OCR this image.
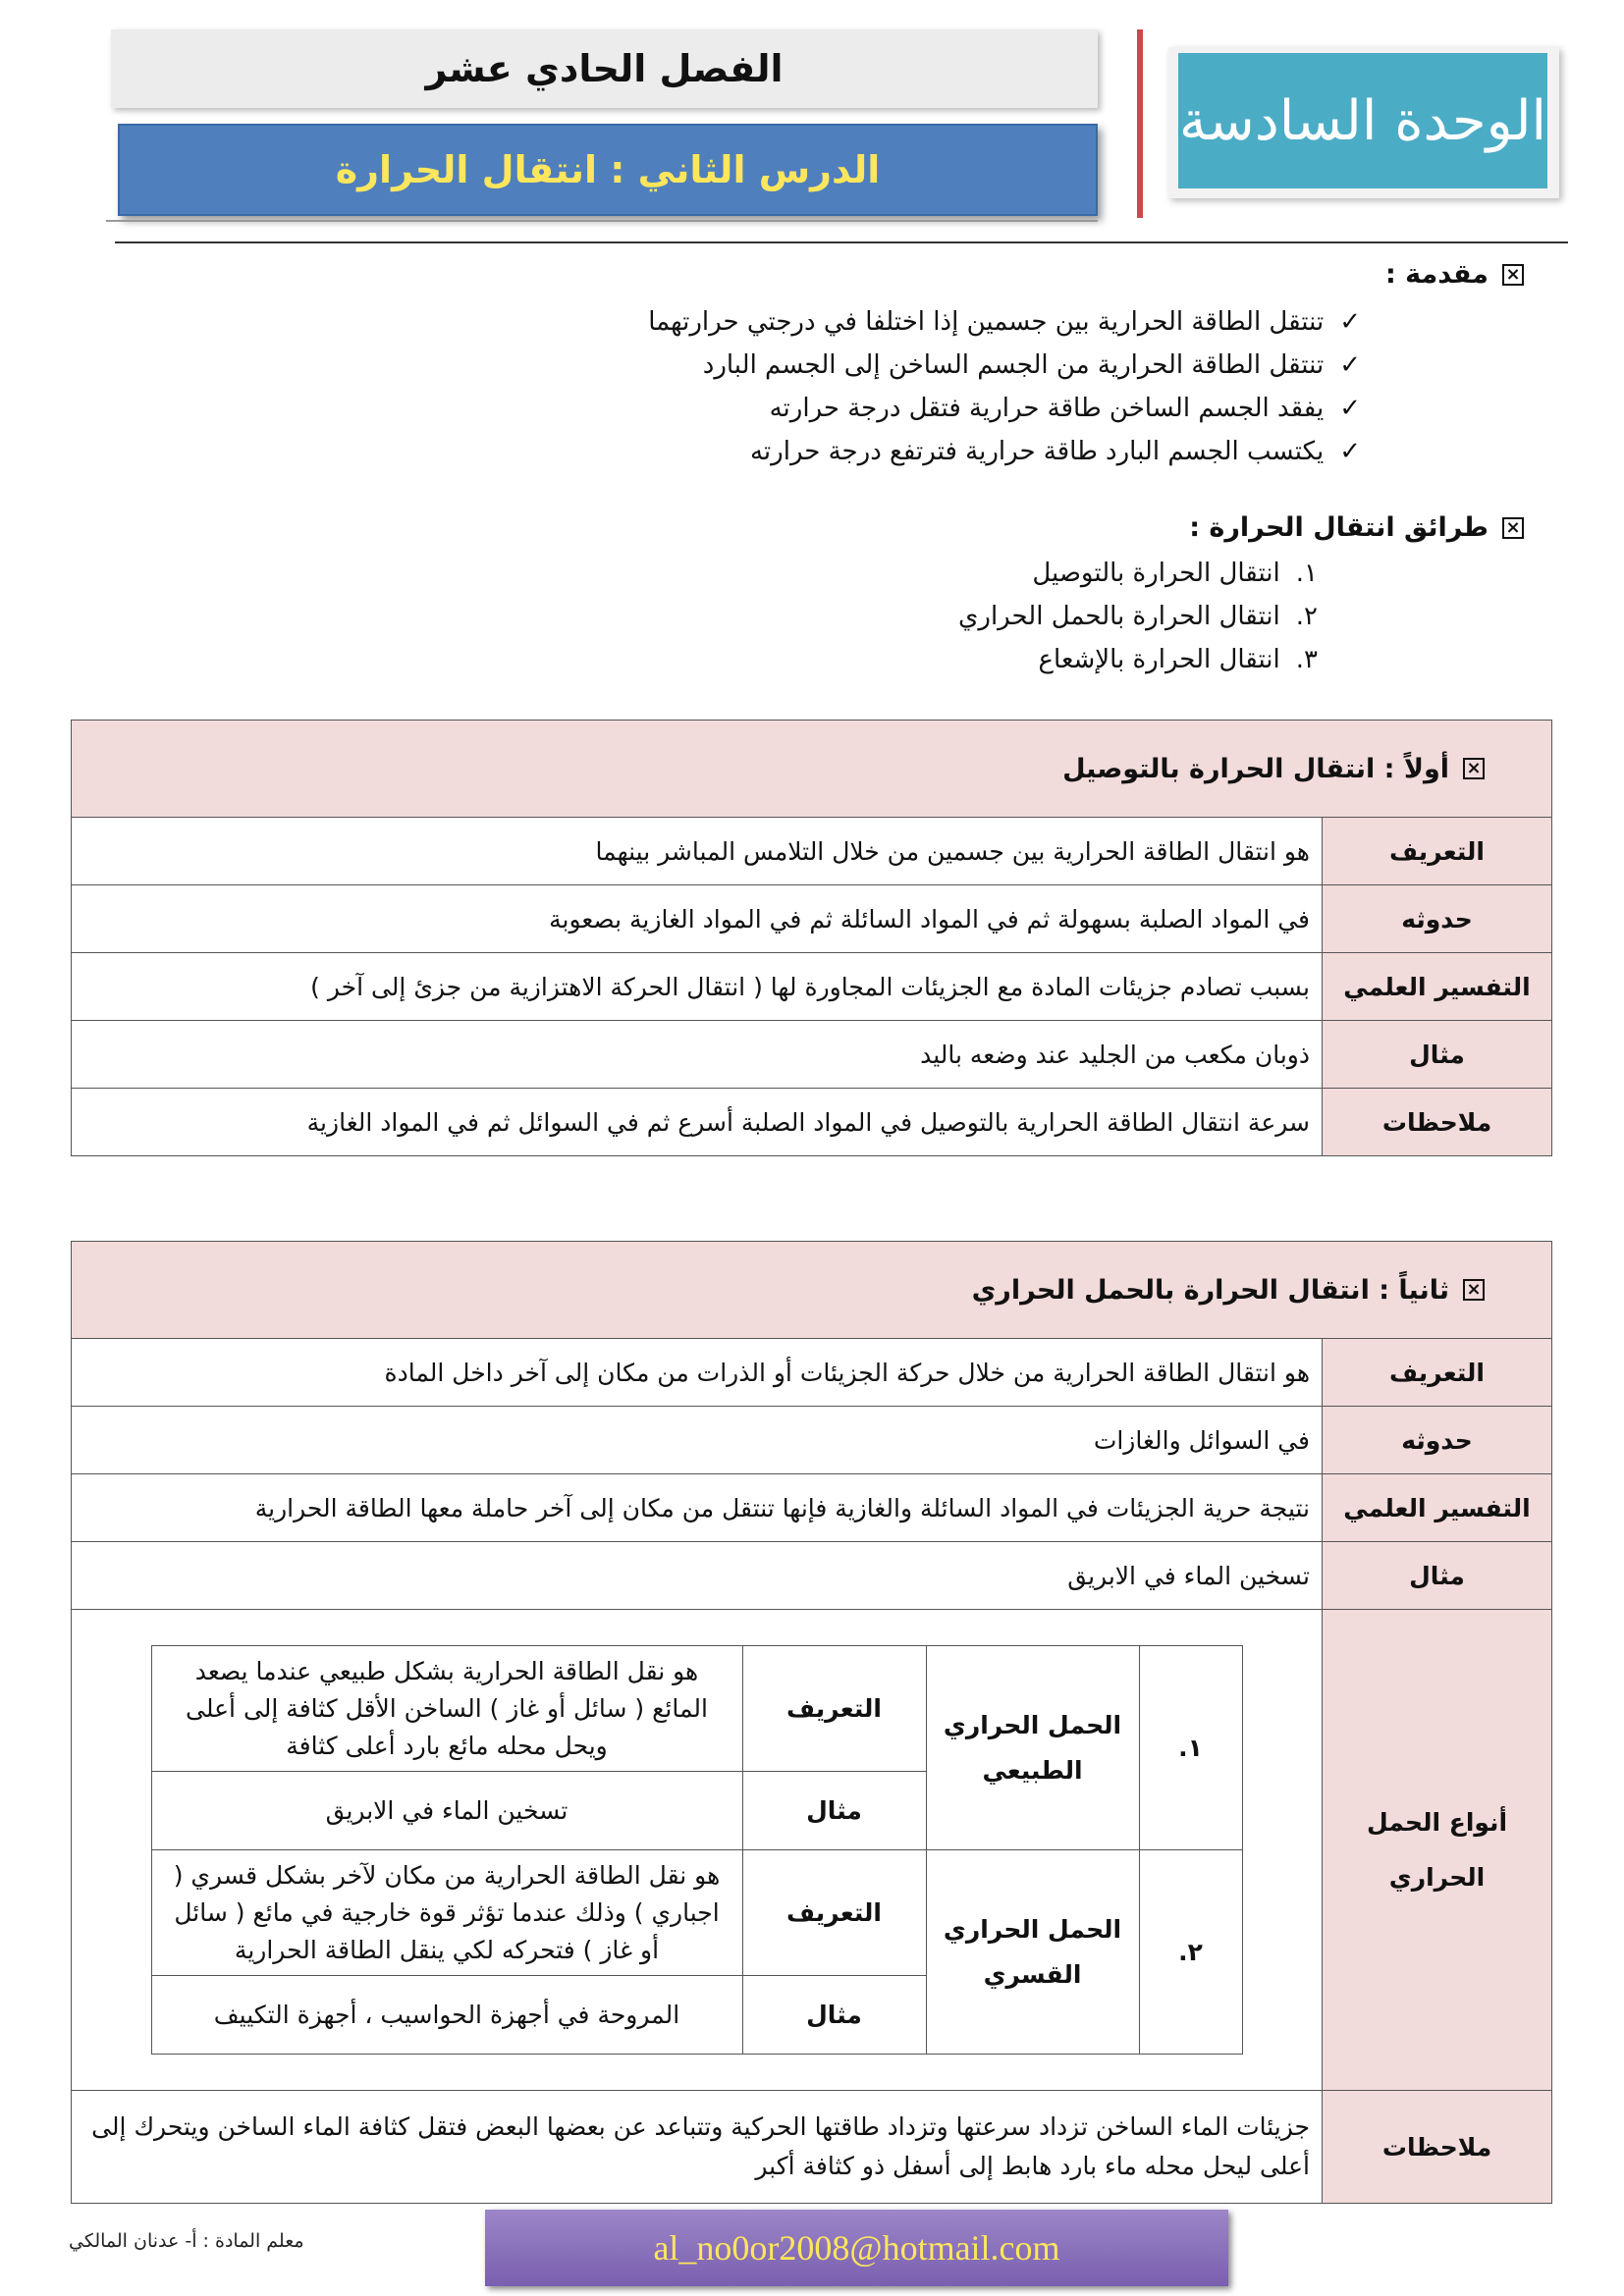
الفصل الحادي عشر
الدرس الثاني : انتقال الحرارة
الوحدة السادسة
×
مقدمة :
✓
تنتقل الطاقة الحرارية بين جسمين إذا اختلفا في درجتي حرارتهما
✓
تنتقل الطاقة الحرارية من الجسم الساخن إلى الجسم البارد
✓
يفقد الجسم الساخن طاقة حرارية فتقل درجة حرارته
✓
يكتسب الجسم البارد طاقة حرارية فترتفع درجة حرارته
×
طرائق انتقال الحرارة :
١.
انتقال الحرارة بالتوصيل
٢.
انتقال الحرارة بالحمل الحراري
٣.
انتقال الحرارة بالإشعاع
×
أولاً : انتقال الحرارة بالتوصيل	

التعريف	هو انتقال الطاقة الحرارية بين جسمين من خلال التلامس المباشر بينهما
حدوثه	في المواد الصلبة بسهولة ثم في المواد السائلة ثم في المواد الغازية بصعوبة
التفسير العلمي	بسبب تصادم جزيئات المادة مع الجزيئات المجاورة لها ( انتقال الحركة الاهتزازية من جزئ إلى آخر )
مثال	ذوبان مكعب من الجليد عند وضعه باليد
ملاحظات	سرعة انتقال الطاقة الحرارية بالتوصيل في المواد الصلبة أسرع ثم في السوائل ثم في المواد الغازية
×
ثانياً : انتقال الحرارة بالحمل الحراري

التعريف	هو انتقال الطاقة الحرارية من خلال حركة الجزيئات أو الذرات من مكان إلى آخر داخل المادة
حدوثه	في السوائل والغازات
التفسير العلمي	نتيجة حرية الجزيئات في المواد السائلة والغازية فإنها تنتقل من مكان إلى آخر حاملة معها الطاقة الحرارية
مثال	تسخين الماء في الابريق
أنواع الحمل الحراري	
١.	الحمل الحراري الطبيعي	التعريف	هو نقل الطاقة الحرارية بشكل طبيعي عندما يصعد المائع ( سائل أو غاز ) الساخن الأقل كثافة إلى أعلى ويحل محله مائع بارد أعلى كثافة
مثال	تسخين الماء في الابريق
٢.	الحمل الحراري القسري	التعريف	هو نقل الطاقة الحرارية من مكان لآخر بشكل قسري ( اجباري ) وذلك عندما تؤثر قوة خارجية في مائع ( سائل أو غاز ) فتحركه لكي ينقل الطاقة الحرارية
مثال	المروحة في أجهزة الحواسيب ، أجهزة التكييف

ملاحظات	جزيئات الماء الساخن تزداد سرعتها وتزداد طاقتها الحركية وتتباعد عن بعضها البعض فتقل كثافة الماء الساخن ويتحرك إلى أعلى ليحل محله ماء بارد هابط إلى أسفل ذو كثافة أكبر
معلم المادة : أ- عدنان المالكي	al_no0or2008@hotmail.com
